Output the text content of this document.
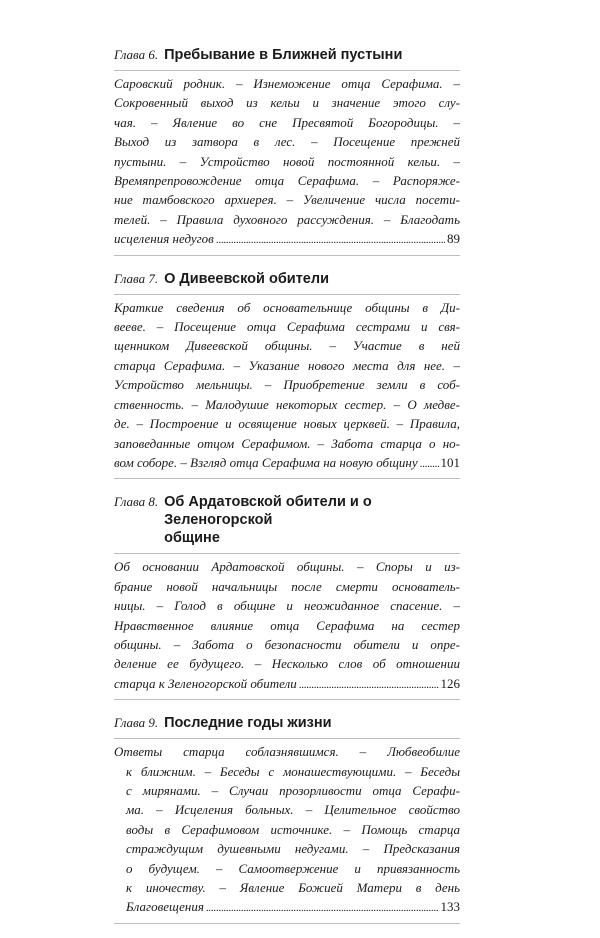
Глава 6. Пребывание в Ближней пустыни
Саровский родник. – Изнеможение отца Серафима. –
Сокровенный выход из кельи и значение этого слу-
чая. – Явление во сне Пресвятой Богородицы. –
Выход из затвора в лес. – Посещение прежней
пустыни. – Устройство новой постоянной кельи. –
Времяпрепровождение отца Серафима. – Распоряже-
ние тамбовского архиерея. – Увеличение числа посети-
телей. – Правила духовного рассуждения. – Благодать
исцеления недугов . . .	89
Глава 7. О Дивеевской обители
Краткие сведения об основательнице общины в Ди-
вееве. – Посещение отца Серафима сестрами и свя-
щенником Дивеевской общины. – Участие в ней
старца Серафима. – Указание нового места для нее. –
Устройство мельницы. – Приобретение земли в соб-
ственность. – Малодушие некоторых сестер. – О медве-
де. – Построение и освящение новых церквей. – Правила,
заповеданные отцом Серафимом. – Забота старца о но-
вом соборе. – Взгляд отца Серафима на новую общину . . . 101
Глава 8. Об Ардатовской обители и о Зеленогорской
общине
Об основании Ардатовской общины. – Споры и из-
брание новой начальницы после смерти основатель-
ницы. – Голод в общине и неожиданное спасение. –
Нравственное влияние отца Серафима на сестер
общины. – Забота о безопасности обители и опре-
деление ее будущего. – Несколько слов об отношении
старца к Зеленогорской обители . . .	126
Глава 9. Последние годы жизни
Ответы старца соблазнявшимся. – Любвеобилие
к ближним. – Беседы с монашествующими. – Беседы
с мирянами. – Случаи прозорливости отца Серафи-
ма. – Исцеления больных. – Целительное свойство
воды в Серафимовом источнике. – Помощь старца
страждущим душевными недугами. – Предсказания
о будущем. – Самоотвержение и привязанность
к иночеству. – Явление Божией Матери в день
Благовещения . . .	133
